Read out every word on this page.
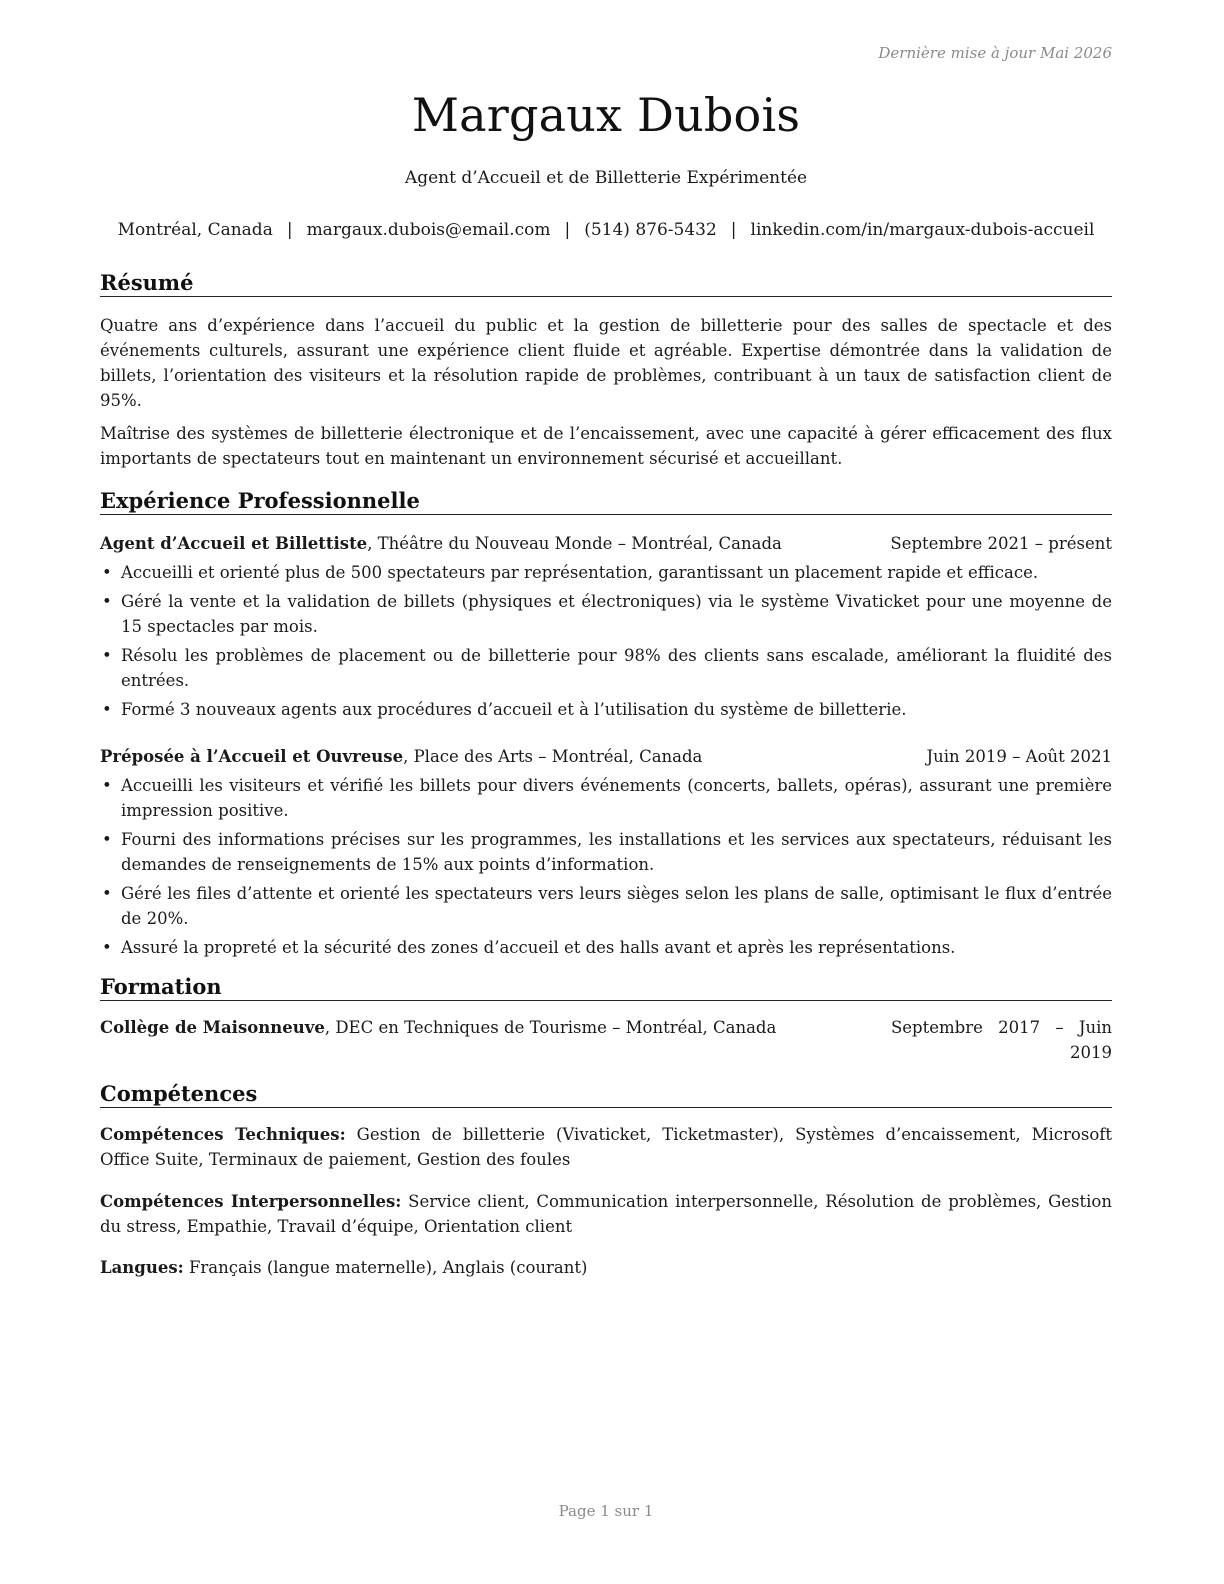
Dernière mise à jour Mai 2026
Margaux Dubois
Agent d’Accueil et de Billetterie Expérimentée
Montréal, Canada | margaux.dubois@email.com | (514) 876-5432 | linkedin.com/in/margaux-dubois-accueil
Résumé

Quatre ans d’expérience dans l’accueil du public et la gestion de billetterie pour des salles de spectacle et des événements culturels, assurant une expérience client fluide et agréable. Expertise démontrée dans la validation de billets, l’orientation des visiteurs et la résolution rapide de problèmes, contribuant à un taux de satisfaction client de 95%.

Maîtrise des systèmes de billetterie électronique et de l’encaissement, avec une capacité à gérer efficacement des flux importants de spectateurs tout en maintenant un environnement sécurisé et accueillant.

Expérience Professionnelle
Agent d’Accueil et Billettiste, Théâtre du Nouveau Monde – Montréal, Canada	Septembre 2021 – présent
• Accueilli et orienté plus de 500 spectateurs par représentation, garantissant un placement rapide et efficace.
• Géré la vente et la validation de billets (physiques et électroniques) via le système Vivaticket pour une moyenne de 15 spectacles par mois.
• Résolu les problèmes de placement ou de billetterie pour 98% des clients sans escalade, améliorant la fluidité des entrées.
• Formé 3 nouveaux agents aux procédures d’accueil et à l’utilisation du système de billetterie.
Préposée à l’Accueil et Ouvreuse, Place des Arts – Montréal, Canada	Juin 2019 – Août 2021
• Accueilli les visiteurs et vérifié les billets pour divers événements (concerts, ballets, opéras), assurant une première impression positive.
• Fourni des informations précises sur les programmes, les installations et les services aux spectateurs, réduisant les demandes de renseignements de 15% aux points d’information.
• Géré les files d’attente et orienté les spectateurs vers leurs sièges selon les plans de salle, optimisant le flux d’entrée de 20%.
• Assuré la propreté et la sécurité des zones d’accueil et des halls avant et après les représentations.
Formation
Collège de Maisonneuve, DEC en Techniques de Tourisme – Montréal, Canada	Septembre 2017 – Juin 2019
Compétences

Compétences Techniques: Gestion de billetterie (Vivaticket, Ticketmaster), Systèmes d’encaissement, Microsoft Office Suite, Terminaux de paiement, Gestion des foules

Compétences Interpersonnelles: Service client, Communication interpersonnelle, Résolution de problèmes, Gestion du stress, Empathie, Travail d’équipe, Orientation client

Langues: Français (langue maternelle), Anglais (courant)

Page 1 sur 1
